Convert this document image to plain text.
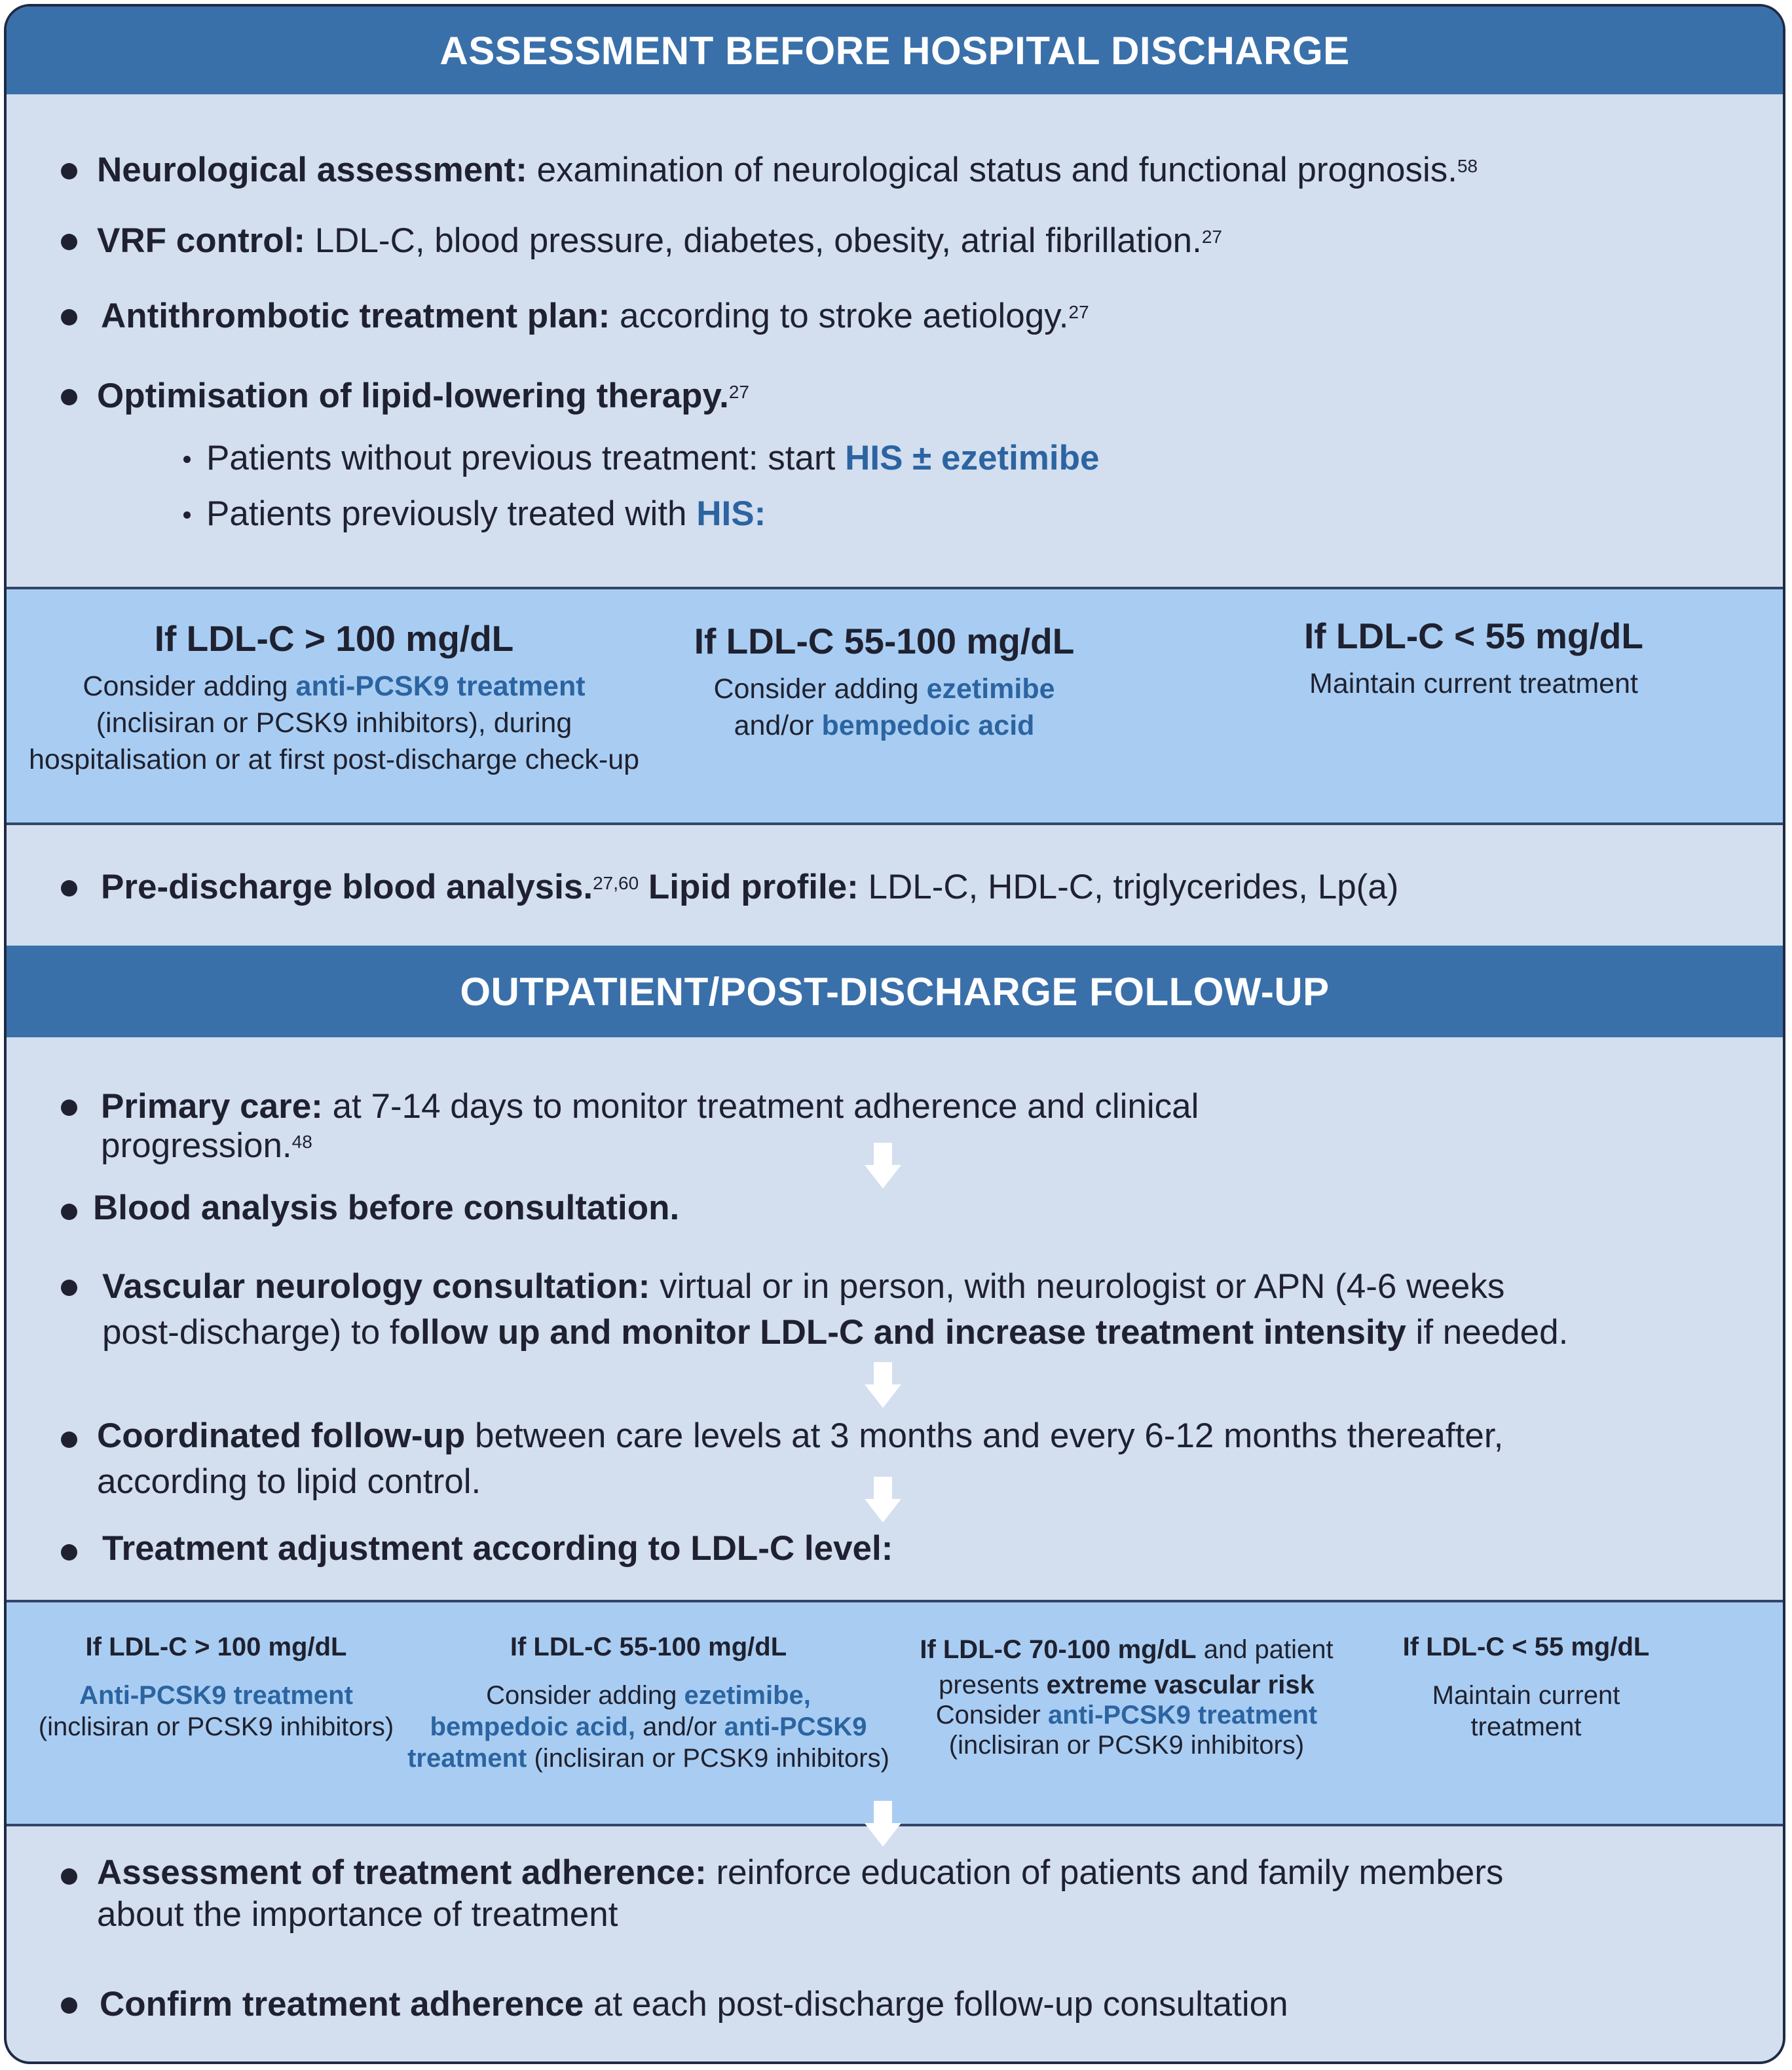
ASSESSMENT BEFORE HOSPITAL DISCHARGE
Neurological assessment: examination of neurological status and functional prognosis.$^{58}$
VRF control: LDL-C, blood pressure, diabetes, obesity, atrial fibrillation.$^{27}$
Antithrombotic treatment plan: according to stroke aetiology.$^{27}$
Optimisation of lipid-lowering therapy.$^{27}$
Patients without previous treatment: start HIS ± ezetimibe
Patients previously treated with HIS:
If LDL-C > 100 mg/dL
Consider adding anti-PCSK9 treatment
(inclisiran or PCSK9 inhibitors), during
hospitalisation or at first post-discharge check-up
If LDL-C 55-100 mg/dL
Consider adding ezetimibe
and/or bempedoic acid
If LDL-C < 55 mg/dL
Maintain current treatment
Pre-discharge blood analysis.$^{27,60}$ Lipid profile: LDL-C, HDL-C, triglycerides, Lp(a)
OUTPATIENT/POST-DISCHARGE FOLLOW-UP
Primary care: at 7-14 days to monitor treatment adherence and clinical
progression.$^{48}$
Blood analysis before consultation.
Vascular neurology consultation: virtual or in person, with neurologist or APN (4-6 weeks
post-discharge) to follow up and monitor LDL-C and increase treatment intensity if needed.
Coordinated follow-up between care levels at 3 months and every 6-12 months thereafter,
according to lipid control.
Treatment adjustment according to LDL-C level:
If LDL-C > 100 mg/dL
Anti-PCSK9 treatment
(inclisiran or PCSK9 inhibitors)
If LDL-C 55-100 mg/dL
Consider adding ezetimibe,
bempedoic acid, and/or anti-PCSK9
treatment (inclisiran or PCSK9 inhibitors)
If LDL-C 70-100 mg/dL and patient
presents extreme vascular risk
Consider anti-PCSK9 treatment
(inclisiran or PCSK9 inhibitors)
If LDL-C < 55 mg/dL
Maintain current
treatment
Assessment of treatment adherence: reinforce education of patients and family members
about the importance of treatment
Confirm treatment adherence at each post-discharge follow-up consultation
